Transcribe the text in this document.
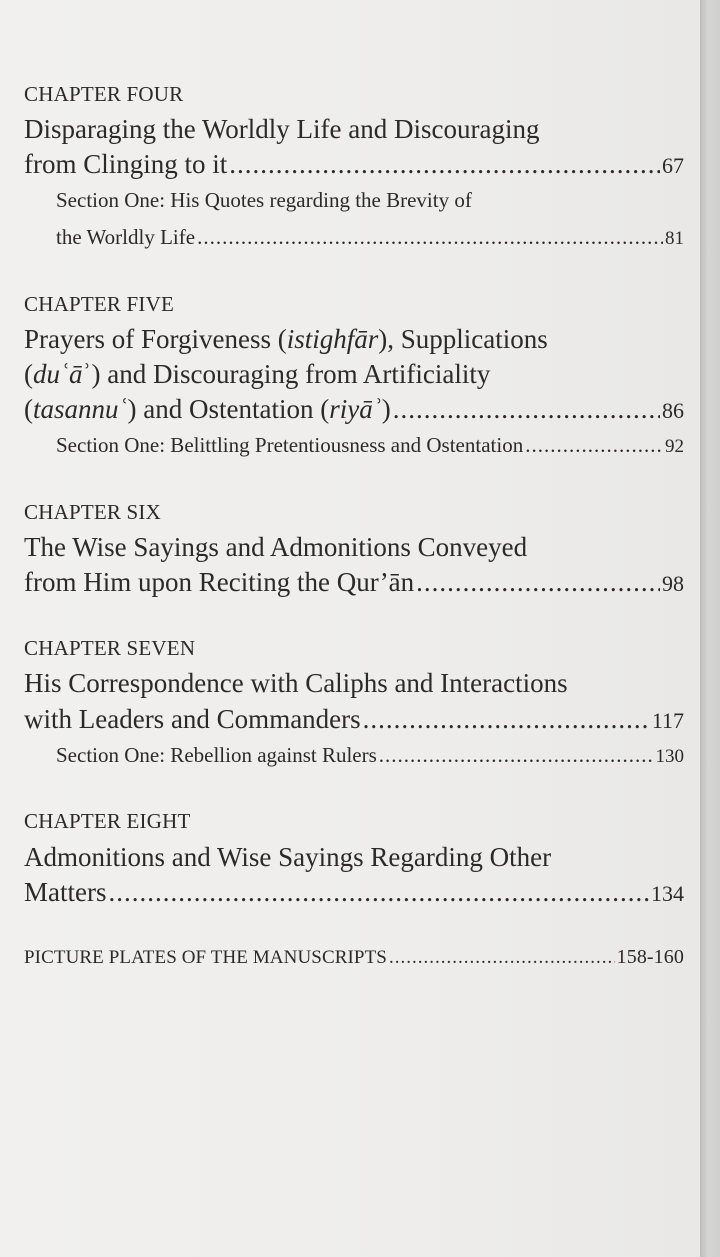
CHAPTER FOUR
Disparaging the Worldly Life and Discouraging
from Clinging to it .....	67
Section One: His Quotes regarding the Brevity of
the Worldly Life .....	81
CHAPTER FIVE
Prayers of Forgiveness (istighfār), Supplications
(duʿāʾ) and Discouraging from Artificiality
(tasannuʿ) and Ostentation (riyāʾ) .....	86
Section One: Belittling Pretentiousness and Ostentation .....	92
CHAPTER SIX
The Wise Sayings and Admonitions Conveyed
from Him upon Reciting the Qur’ān .....	98
CHAPTER SEVEN
His Correspondence with Caliphs and Interactions
with Leaders and Commanders .....	117
Section One: Rebellion against Rulers .....	130
CHAPTER EIGHT
Admonitions and Wise Sayings Regarding Other
Matters .....	134
PICTURE PLATES OF THE MANUSCRIPTS .....	158-160
